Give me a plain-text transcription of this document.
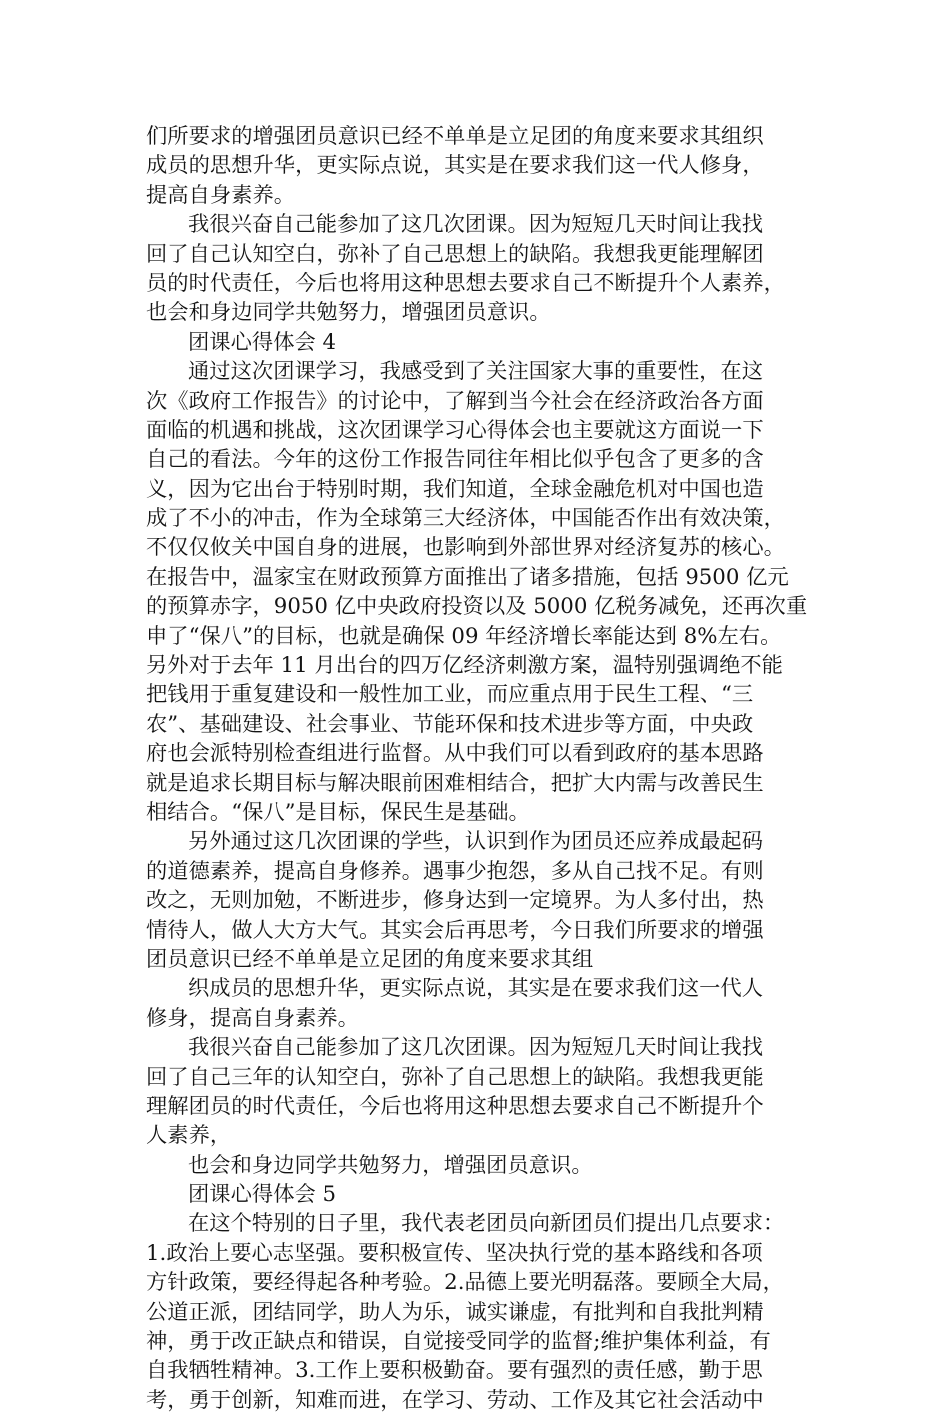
们所要求的增强团员意识已经不单单是立足团的角度来要求其组织
成员的思想升华，更实际点说，其实是在要求我们这一代人修身，
提高自身素养。
我很兴奋自己能参加了这几次团课。因为短短几天时间让我找
回了自己认知空白，弥补了自己思想上的缺陷。我想我更能理解团
员的时代责任，今后也将用这种思想去要求自己不断提升个人素养，
也会和身边同学共勉努力，增强团员意识。
团课心得体会 4
通过这次团课学习，我感受到了关注国家大事的重要性，在这
次《政府工作报告》的讨论中，了解到当今社会在经济政治各方面
面临的机遇和挑战，这次团课学习心得体会也主要就这方面说一下
自己的看法。今年的这份工作报告同往年相比似乎包含了更多的含
义，因为它出台于特别时期，我们知道，全球金融危机对中国也造
成了不小的冲击，作为全球第三大经济体，中国能否作出有效决策，
不仅仅攸关中国自身的进展，也影响到外部世界对经济复苏的核心。
在报告中，温家宝在财政预算方面推出了诸多措施，包括 9500 亿元
的预算赤字，9050 亿中央政府投资以及 5000 亿税务减免，还再次重
申了“保八”的目标，也就是确保 09 年经济增长率能达到 8%左右。
另外对于去年 11 月出台的四万亿经济刺激方案，温特别强调绝不能
把钱用于重复建设和一般性加工业，而应重点用于民生工程、“三
农”、基础建设、社会事业、节能环保和技术进步等方面，中央政
府也会派特别检查组进行监督。从中我们可以看到政府的基本思路
就是追求长期目标与解决眼前困难相结合，把扩大内需与改善民生
相结合。“保八”是目标，保民生是基础。
另外通过这几次团课的学些，认识到作为团员还应养成最起码
的道德素养，提高自身修养。遇事少抱怨，多从自己找不足。有则
改之，无则加勉，不断进步，修身达到一定境界。为人多付出，热
情待人，做人大方大气。其实会后再思考，今日我们所要求的增强
团员意识已经不单单是立足团的角度来要求其组
织成员的思想升华，更实际点说，其实是在要求我们这一代人
修身，提高自身素养。
我很兴奋自己能参加了这几次团课。因为短短几天时间让我找
回了自己三年的认知空白，弥补了自己思想上的缺陷。我想我更能
理解团员的时代责任，今后也将用这种思想去要求自己不断提升个
人素养，
也会和身边同学共勉努力，增强团员意识。
团课心得体会 5
在这个特别的日子里，我代表老团员向新团员们提出几点要求：
1.政治上要心志坚强。要积极宣传、坚决执行党的基本路线和各项
方针政策，要经得起各种考验。2.品德上要光明磊落。要顾全大局，
公道正派，团结同学，助人为乐，诚实谦虚，有批判和自我批判精
神，勇于改正缺点和错误，自觉接受同学的监督;维护集体利益，有
自我牺牲精神。3.工作上要积极勤奋。要有强烈的责任感，勤于思
考，勇于创新，知难而进，在学习、劳动、工作及其它社会活动中
